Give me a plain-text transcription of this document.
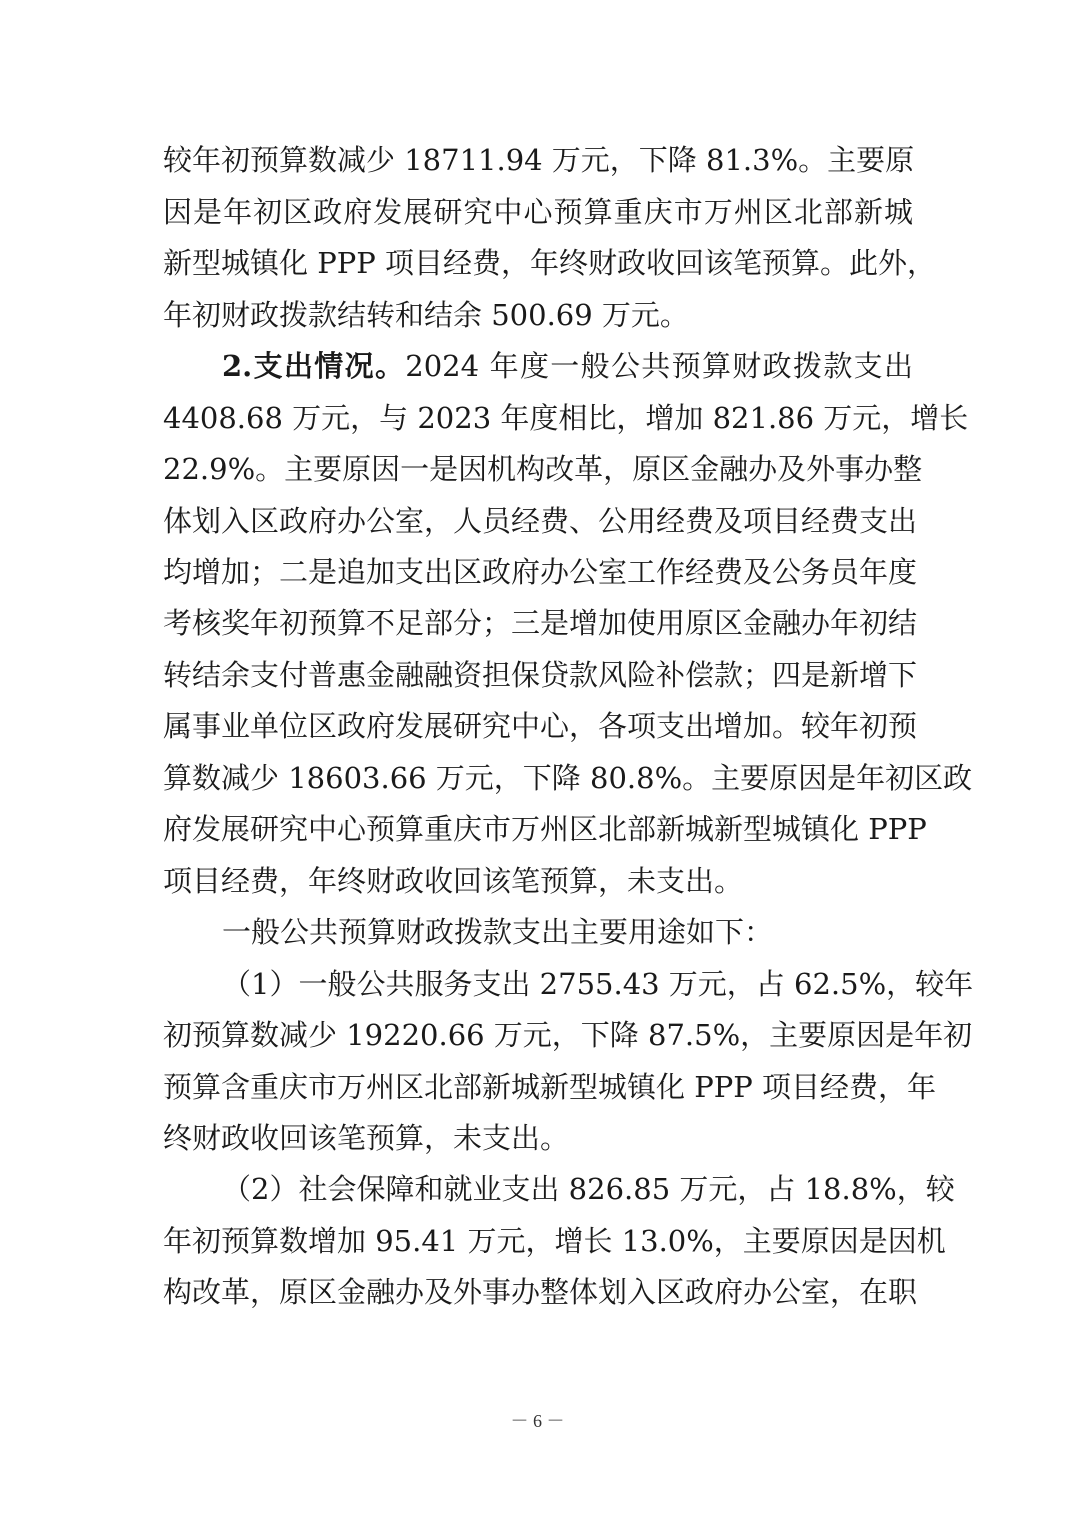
较年初预算数减少 18711.94 万元，下降 81.3%。主要原
因是年初区政府发展研究中心预算重庆市万州区北部新城
新型城镇化 PPP 项目经费，年终财政收回该笔预算。此外，
年初财政拨款结转和结余 500.69 万元。
2.支出情况。2024 年度一般公共预算财政拨款支出
4408.68 万元，与 2023 年度相比，增加 821.86 万元，增长
22.9%。主要原因一是因机构改革，原区金融办及外事办整
体划入区政府办公室，人员经费、公用经费及项目经费支出
均增加；二是追加支出区政府办公室工作经费及公务员年度
考核奖年初预算不足部分；三是增加使用原区金融办年初结
转结余支付普惠金融融资担保贷款风险补偿款；四是新增下
属事业单位区政府发展研究中心，各项支出增加。较年初预
算数减少 18603.66 万元，下降 80.8%。主要原因是年初区政
府发展研究中心预算重庆市万州区北部新城新型城镇化 PPP
项目经费，年终财政收回该笔预算，未支出。
一般公共预算财政拨款支出主要用途如下：
（1）一般公共服务支出 2755.43 万元，占 62.5%，较年
初预算数减少 19220.66 万元，下降 87.5%，主要原因是年初
预算含重庆市万州区北部新城新型城镇化 PPP 项目经费，年
终财政收回该笔预算，未支出。
（2）社会保障和就业支出 826.85 万元，占 18.8%，较
年初预算数增加 95.41 万元，增长 13.0%，主要原因是因机
构改革，原区金融办及外事办整体划入区政府办公室，在职
－ 6 －
